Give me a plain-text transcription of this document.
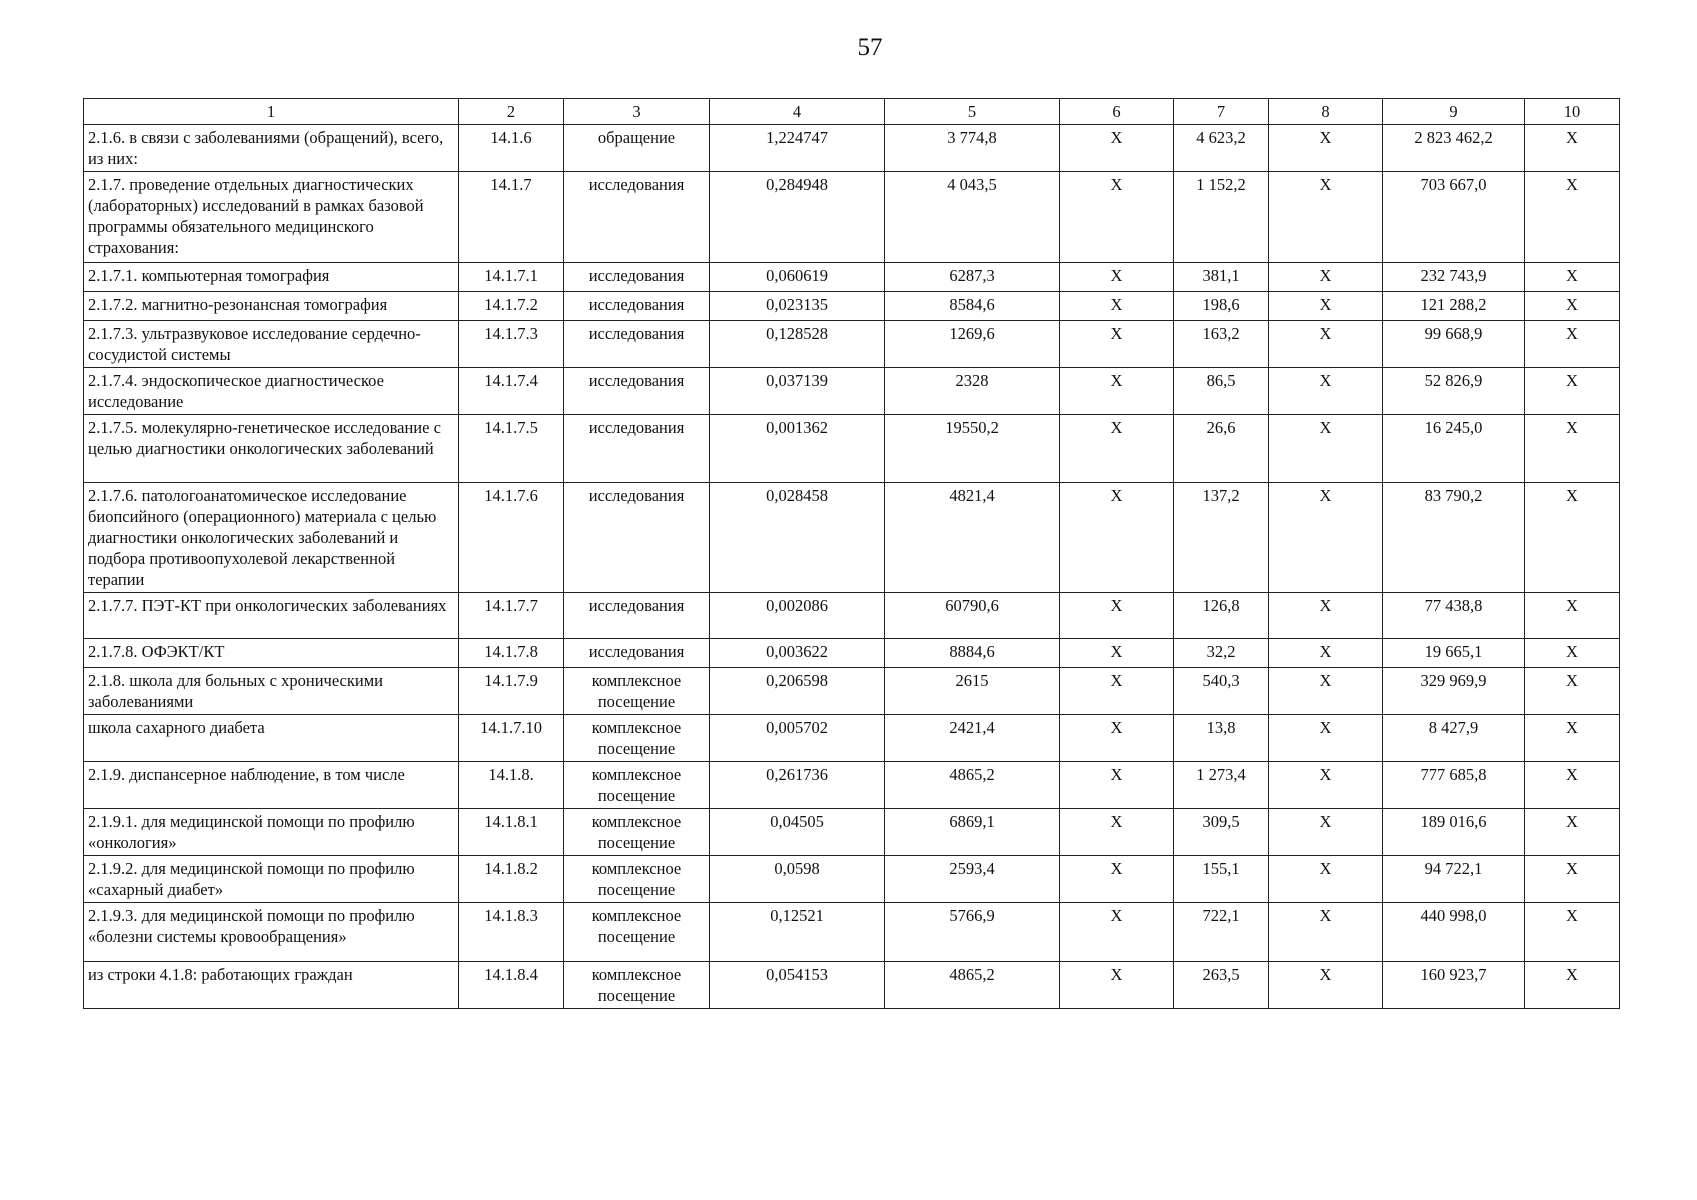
57
1	2	3	4	5	6	7	8	9	10
2.1.6. в связи с заболеваниями (обращений), всего, из них:	14.1.6	обращение	1,224747	3 774,8	Х	4 623,2	Х	2 823 462,2	Х
2.1.7. проведение отдельных диагностических (лабораторных) исследований в рамках базовой программы обязательного медицинского страхования:	14.1.7	исследования	0,284948	4 043,5	Х	1 152,2	Х	703 667,0	Х
2.1.7.1. компьютерная томография	14.1.7.1	исследования	0,060619	6287,3	Х	381,1	Х	232 743,9	Х
2.1.7.2. магнитно-резонансная томография	14.1.7.2	исследования	0,023135	8584,6	Х	198,6	Х	121 288,2	Х
2.1.7.3. ультразвуковое исследование сердечно-сосудистой системы	14.1.7.3	исследования	0,128528	1269,6	Х	163,2	Х	99 668,9	Х
2.1.7.4. эндоскопическое диагностическое исследование	14.1.7.4	исследования	0,037139	2328	Х	86,5	Х	52 826,9	Х
2.1.7.5. молекулярно-генетическое исследование с целью диагностики онкологических заболеваний	14.1.7.5	исследования	0,001362	19550,2	Х	26,6	Х	16 245,0	Х
2.1.7.6. патологоанатомическое исследование биопсийного (операционного) материала с целью диагностики онкологических заболеваний и подбора противоопухолевой лекарственной терапии	14.1.7.6	исследования	0,028458	4821,4	Х	137,2	Х	83 790,2	Х
2.1.7.7. ПЭТ-КТ при онкологических заболеваниях	14.1.7.7	исследования	0,002086	60790,6	Х	126,8	Х	77 438,8	Х
2.1.7.8. ОФЭКТ/КТ	14.1.7.8	исследования	0,003622	8884,6	Х	32,2	Х	19 665,1	Х
2.1.8. школа для больных с хроническими заболеваниями	14.1.7.9	комплексное посещение	0,206598	2615	Х	540,3	Х	329 969,9	Х
школа сахарного диабета	14.1.7.10	комплексное посещение	0,005702	2421,4	Х	13,8	Х	8 427,9	Х
2.1.9. диспансерное наблюдение, в том числе	14.1.8.	комплексное посещение	0,261736	4865,2	Х	1 273,4	Х	777 685,8	Х
2.1.9.1. для медицинской помощи по профилю «онкология»	14.1.8.1	комплексное посещение	0,04505	6869,1	Х	309,5	Х	189 016,6	Х
2.1.9.2. для медицинской помощи по профилю «сахарный диабет»	14.1.8.2	комплексное посещение	0,0598	2593,4	Х	155,1	Х	94 722,1	Х
2.1.9.3. для медицинской помощи по профилю «болезни системы кровообращения»	14.1.8.3	комплексное посещение	0,12521	5766,9	Х	722,1	Х	440 998,0	Х
из строки 4.1.8: работающих граждан	14.1.8.4	комплексное посещение	0,054153	4865,2	Х	263,5	Х	160 923,7	Х
